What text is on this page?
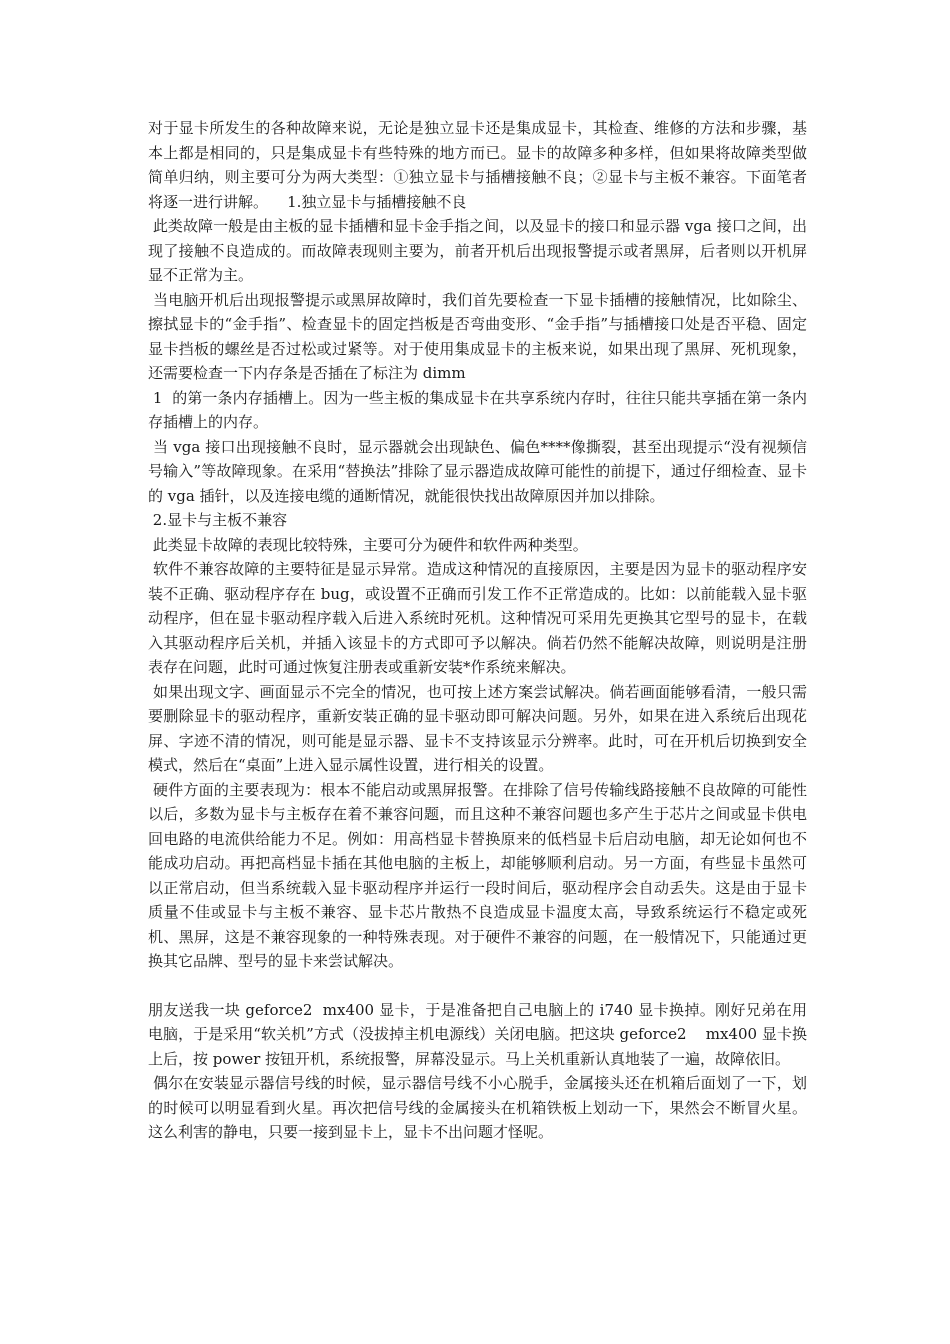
对于显卡所发生的各种故障来说，无论是独立显卡还是集成显卡，其检查、维修的方法和步骤，基本上都是相同的，只是集成显卡有些特殊的地方而已。显卡的故障多种多样，但如果将故障类型做简单归纳，则主要可分为两大类型：①独立显卡与插槽接触不良；②显卡与主板不兼容。下面笔者将逐一进行讲解。    1.独立显卡与插槽接触不良

此类故障一般是由主板的显卡插槽和显卡金手指之间，以及显卡的接口和显示器 vga 接口之间，出现了接触不良造成的。而故障表现则主要为，前者开机后出现报警提示或者黑屏，后者则以开机屏显不正常为主。

当电脑开机后出现报警提示或黑屏故障时，我们首先要检查一下显卡插槽的接触情况，比如除尘、擦拭显卡的“金手指”、检查显卡的固定挡板是否弯曲变形、“金手指”与插槽接口处是否平稳、固定显卡挡板的螺丝是否过松或过紧等。对于使用集成显卡的主板来说，如果出现了黑屏、死机现象，还需要检查一下内存条是否插在了标注为 dimm

1  的第一条内存插槽上。因为一些主板的集成显卡在共享系统内存时，往往只能共享插在第一条内存插槽上的内存。

当 vga 接口出现接触不良时，显示器就会出现缺色、偏色****像撕裂，甚至出现提示“没有视频信号输入”等故障现象。在采用“替换法”排除了显示器造成故障可能性的前提下，通过仔细检查、显卡的 vga 插针，以及连接电缆的通断情况，就能很快找出故障原因并加以排除。

2.显卡与主板不兼容

此类显卡故障的表现比较特殊，主要可分为硬件和软件两种类型。

软件不兼容故障的主要特征是显示异常。造成这种情况的直接原因，主要是因为显卡的驱动程序安装不正确、驱动程序存在 bug，或设置不正确而引发工作不正常造成的。比如：以前能载入显卡驱动程序，但在显卡驱动程序载入后进入系统时死机。这种情况可采用先更换其它型号的显卡，在载入其驱动程序后关机，并插入该显卡的方式即可予以解决。倘若仍然不能解决故障，则说明是注册表存在问题，此时可通过恢复注册表或重新安装*作系统来解决。

如果出现文字、画面显示不完全的情况，也可按上述方案尝试解决。倘若画面能够看清，一般只需要删除显卡的驱动程序，重新安装正确的显卡驱动即可解决问题。另外，如果在进入系统后出现花屏、字迹不清的情况，则可能是显示器、显卡不支持该显示分辨率。此时，可在开机后切换到安全模式，然后在“桌面”上进入显示属性设置，进行相关的设置。

硬件方面的主要表现为：根本不能启动或黑屏报警。在排除了信号传输线路接触不良故障的可能性以后，多数为显卡与主板存在着不兼容问题，而且这种不兼容问题也多产生于芯片之间或显卡供电回电路的电流供给能力不足。例如：用高档显卡替换原来的低档显卡后启动电脑，却无论如何也不能成功启动。再把高档显卡插在其他电脑的主板上，却能够顺利启动。另一方面，有些显卡虽然可以正常启动，但当系统载入显卡驱动程序并运行一段时间后，驱动程序会自动丢失。这是由于显卡质量不佳或显卡与主板不兼容、显卡芯片散热不良造成显卡温度太高，导致系统运行不稳定或死机、黑屏，这是不兼容现象的一种特殊表现。对于硬件不兼容的问题，在一般情况下，只能通过更换其它品牌、型号的显卡来尝试解决。

朋友送我一块 geforce2  mx400 显卡，于是准备把自己电脑上的 i740 显卡换掉。刚好兄弟在用电脑，于是采用“软关机”方式（没拔掉主机电源线）关闭电脑。把这块 geforce2    mx400 显卡换上后，按 power 按钮开机，系统报警，屏幕没显示。马上关机重新认真地装了一遍，故障依旧。

偶尔在安装显示器信号线的时候，显示器信号线不小心脱手，金属接头还在机箱后面划了一下，划的时候可以明显看到火星。再次把信号线的金属接头在机箱铁板上划动一下，果然会不断冒火星。这么利害的静电，只要一接到显卡上，显卡不出问题才怪呢。
